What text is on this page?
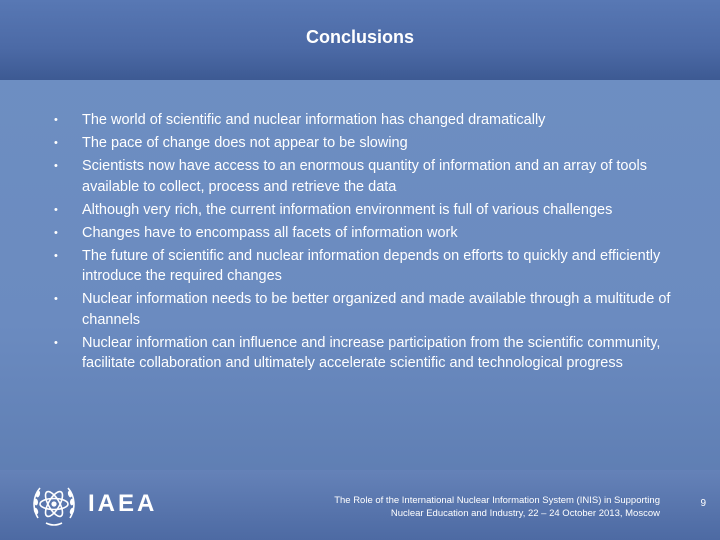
Conclusions
• The world of scientific and nuclear information has changed dramatically
• The pace of change does not appear to be slowing
• Scientists now have access to an enormous quantity of information and an array of tools available to collect, process and retrieve the data
• Although very rich, the current information environment is full of various challenges
• Changes have to encompass all facets of information work
• The future of scientific and nuclear information depends on efforts to quickly and efficiently introduce the required changes
• Nuclear information needs to be better organized and made available through a multitude of channels
• Nuclear information can influence and increase participation from the scientific community, facilitate collaboration and ultimately accelerate scientific and technological progress
IAEA	The Role of the International Nuclear Information System (INIS) in Supporting
Nuclear Education and Industry, 22 – 24 October 2013, Moscow
9
